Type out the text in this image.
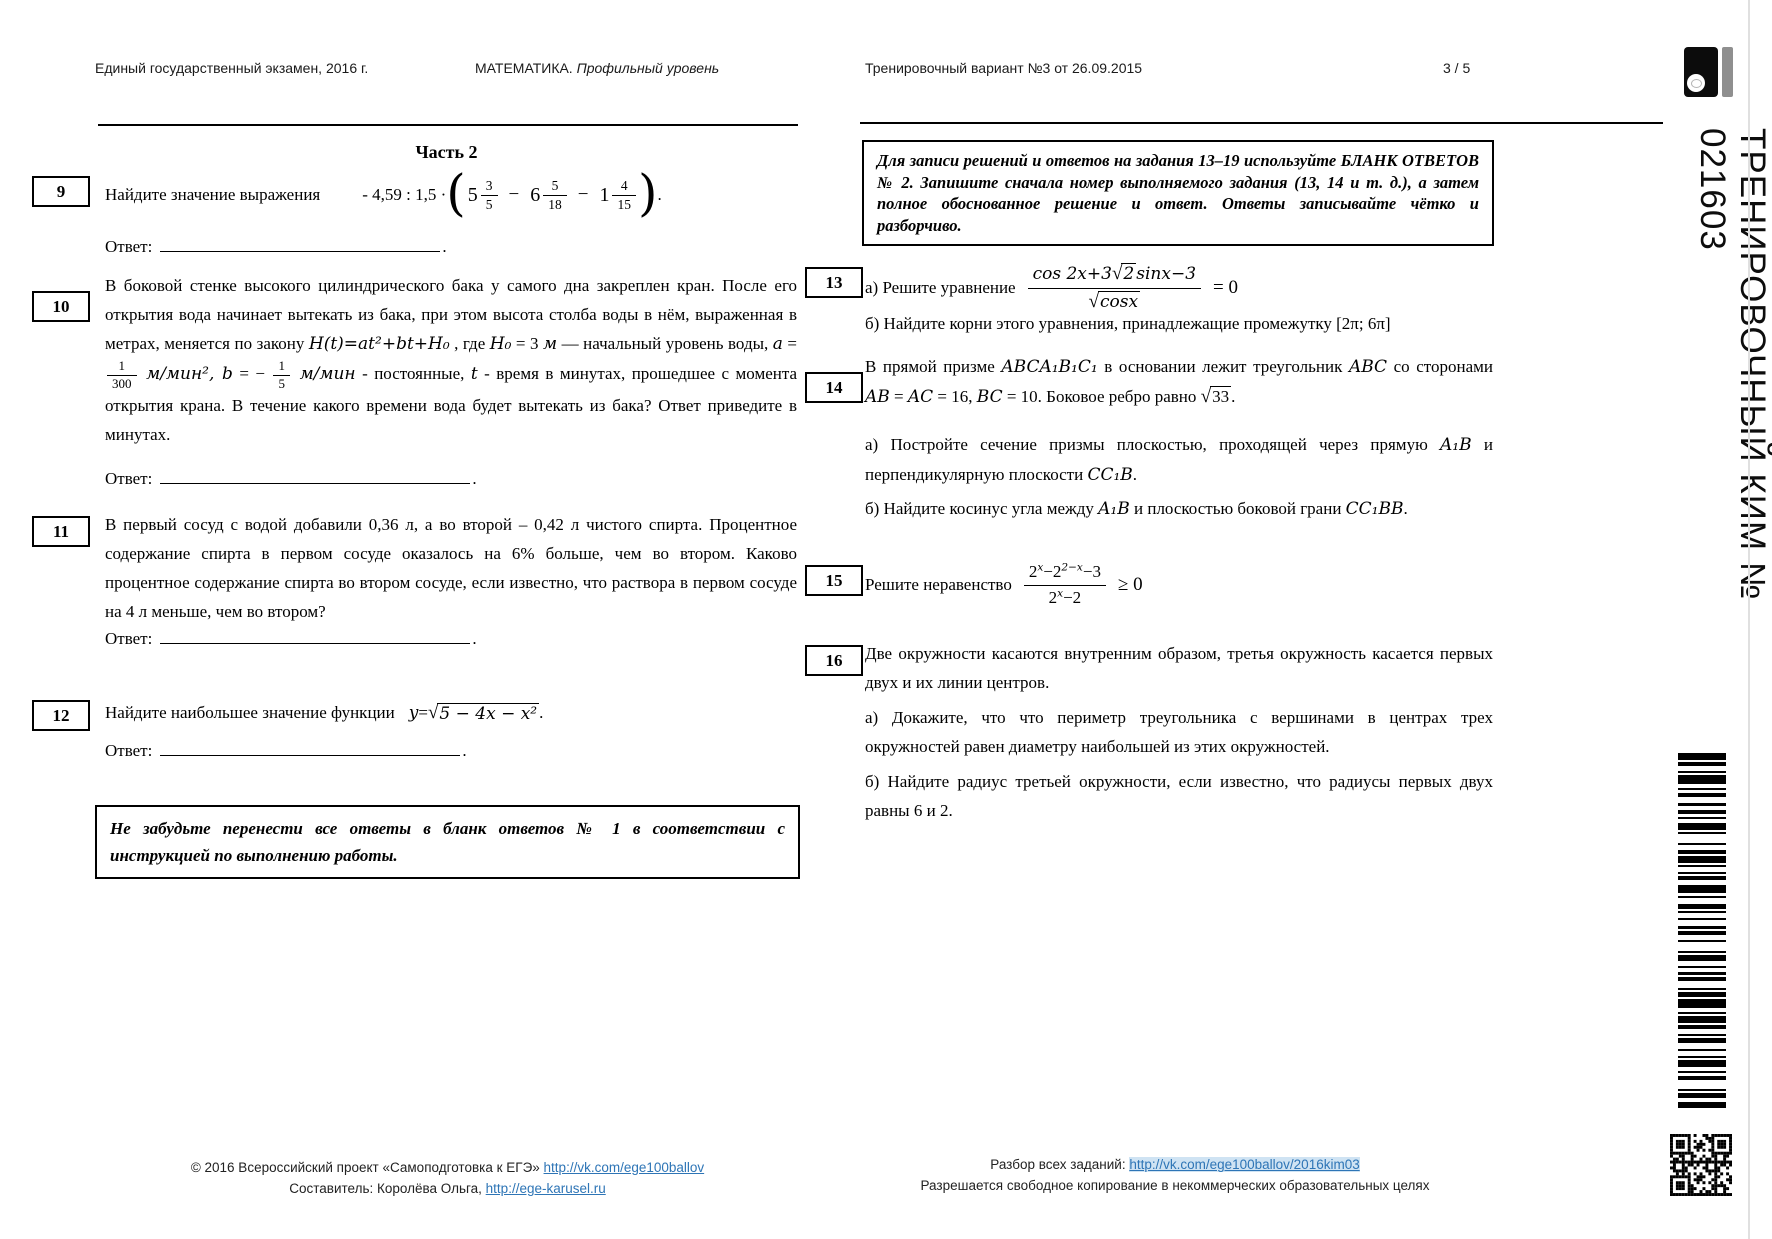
Единый государственный экзамен, 2016 г.	МАТЕМАТИКА. Профильный уровень	Тренировочный вариант №3 от 26.09.2015	3 / 5
Часть 2
9 Найдите значение выражения - 4,59 : 1,5 · ( $5 \frac{3}{5} - 6 \frac{5}{18} - 1 \frac{4}{15}$ ) .
Ответ:	.
10

В боковой стенке высокого цилиндрического бака у самого дна закреплен кран. После его открытия вода начинает вытекать из бака, при этом высота столба воды в нём, выраженная в метрах, меняется по закону H(t)=at²+bt+H₀ , где H₀ = 3 м — начальный уровень воды, a =
$\frac{1}{300} м/мин^2$, b = − $\frac{1}{5} м/мин$ - постоянные, t - время в минутах, прошедшее с момента открытия крана. В течение какого времени вода будет вытекать из бака? Ответ приведите в минутах.

Ответ:	.
11 В первый сосуд с водой добавили 0,36 л, а во второй – 0,42 л чистого спирта. Процентное содержание спирта в первом сосуде оказалось на 6% больше, чем во втором. Каково процентное содержание спирта во втором сосуде, если известно, что раствора в первом сосуде на 4 л меньше, чем во втором?

Ответ:	.
12 Найдите наибольшее значение функции y = √ 5 − 4x − x² .
Ответ:	.
Не забудьте перенести все ответы в бланк ответов № 1 в соответствии с инструкцией по выполнению работы.
Для записи решений и ответов на задания 13–19 используйте БЛАНК ОТВЕТОВ № 2. Запишите сначала номер выполняемого задания (13, 14 и т. д.), а затем полное обоснованное решение и ответ. Ответы записывайте чётко и разборчиво.
13 а) Решите уравнение $\frac{\cos 2x+3√2 \sin x-3}{√\cos x} = 0$
б) Найдите корни этого уравнения, принадлежащие промежутку [2π; 6π]
14

В прямой призме ABCA₁B₁C₁ в основании лежит треугольник ABC со сторонами AB = AC = 16, BC = 10. Боковое ребро равно √33 .

а) Постройте сечение призмы плоскостью, проходящей через прямую A₁B и перпендикулярную плоскости CC₁B.

б) Найдите косинус угла между A₁B и плоскостью боковой грани CC₁BB.

15 Решите неравенство $\frac{2^x-2^{2-x}-3}{2^x-2} \ge 0$
16 Две окружности касаются внутренним образом, третья окружность касается первых двух и их линии центров.

а) Докажите, что что периметр треугольника с вершинами в центрах трех окружностей равен диаметру наибольшей из этих окружностей.

б) Найдите радиус третьей окружности, если известно, что радиусы первых двух равны 6 и 2.

ТРЕНИРОВОЧНЫЙ КИМ № 021603
© 2016 Всероссийский проект «Самоподготовка к ЕГЭ» http://vk.com/ege100ballov
Составитель: Королёва Ольга, http://ege-karusel.ru
Разбор всех заданий: http://vk.com/ege100ballov/2016kim03
Разрешается свободное копирование в некоммерческих образовательных целях
